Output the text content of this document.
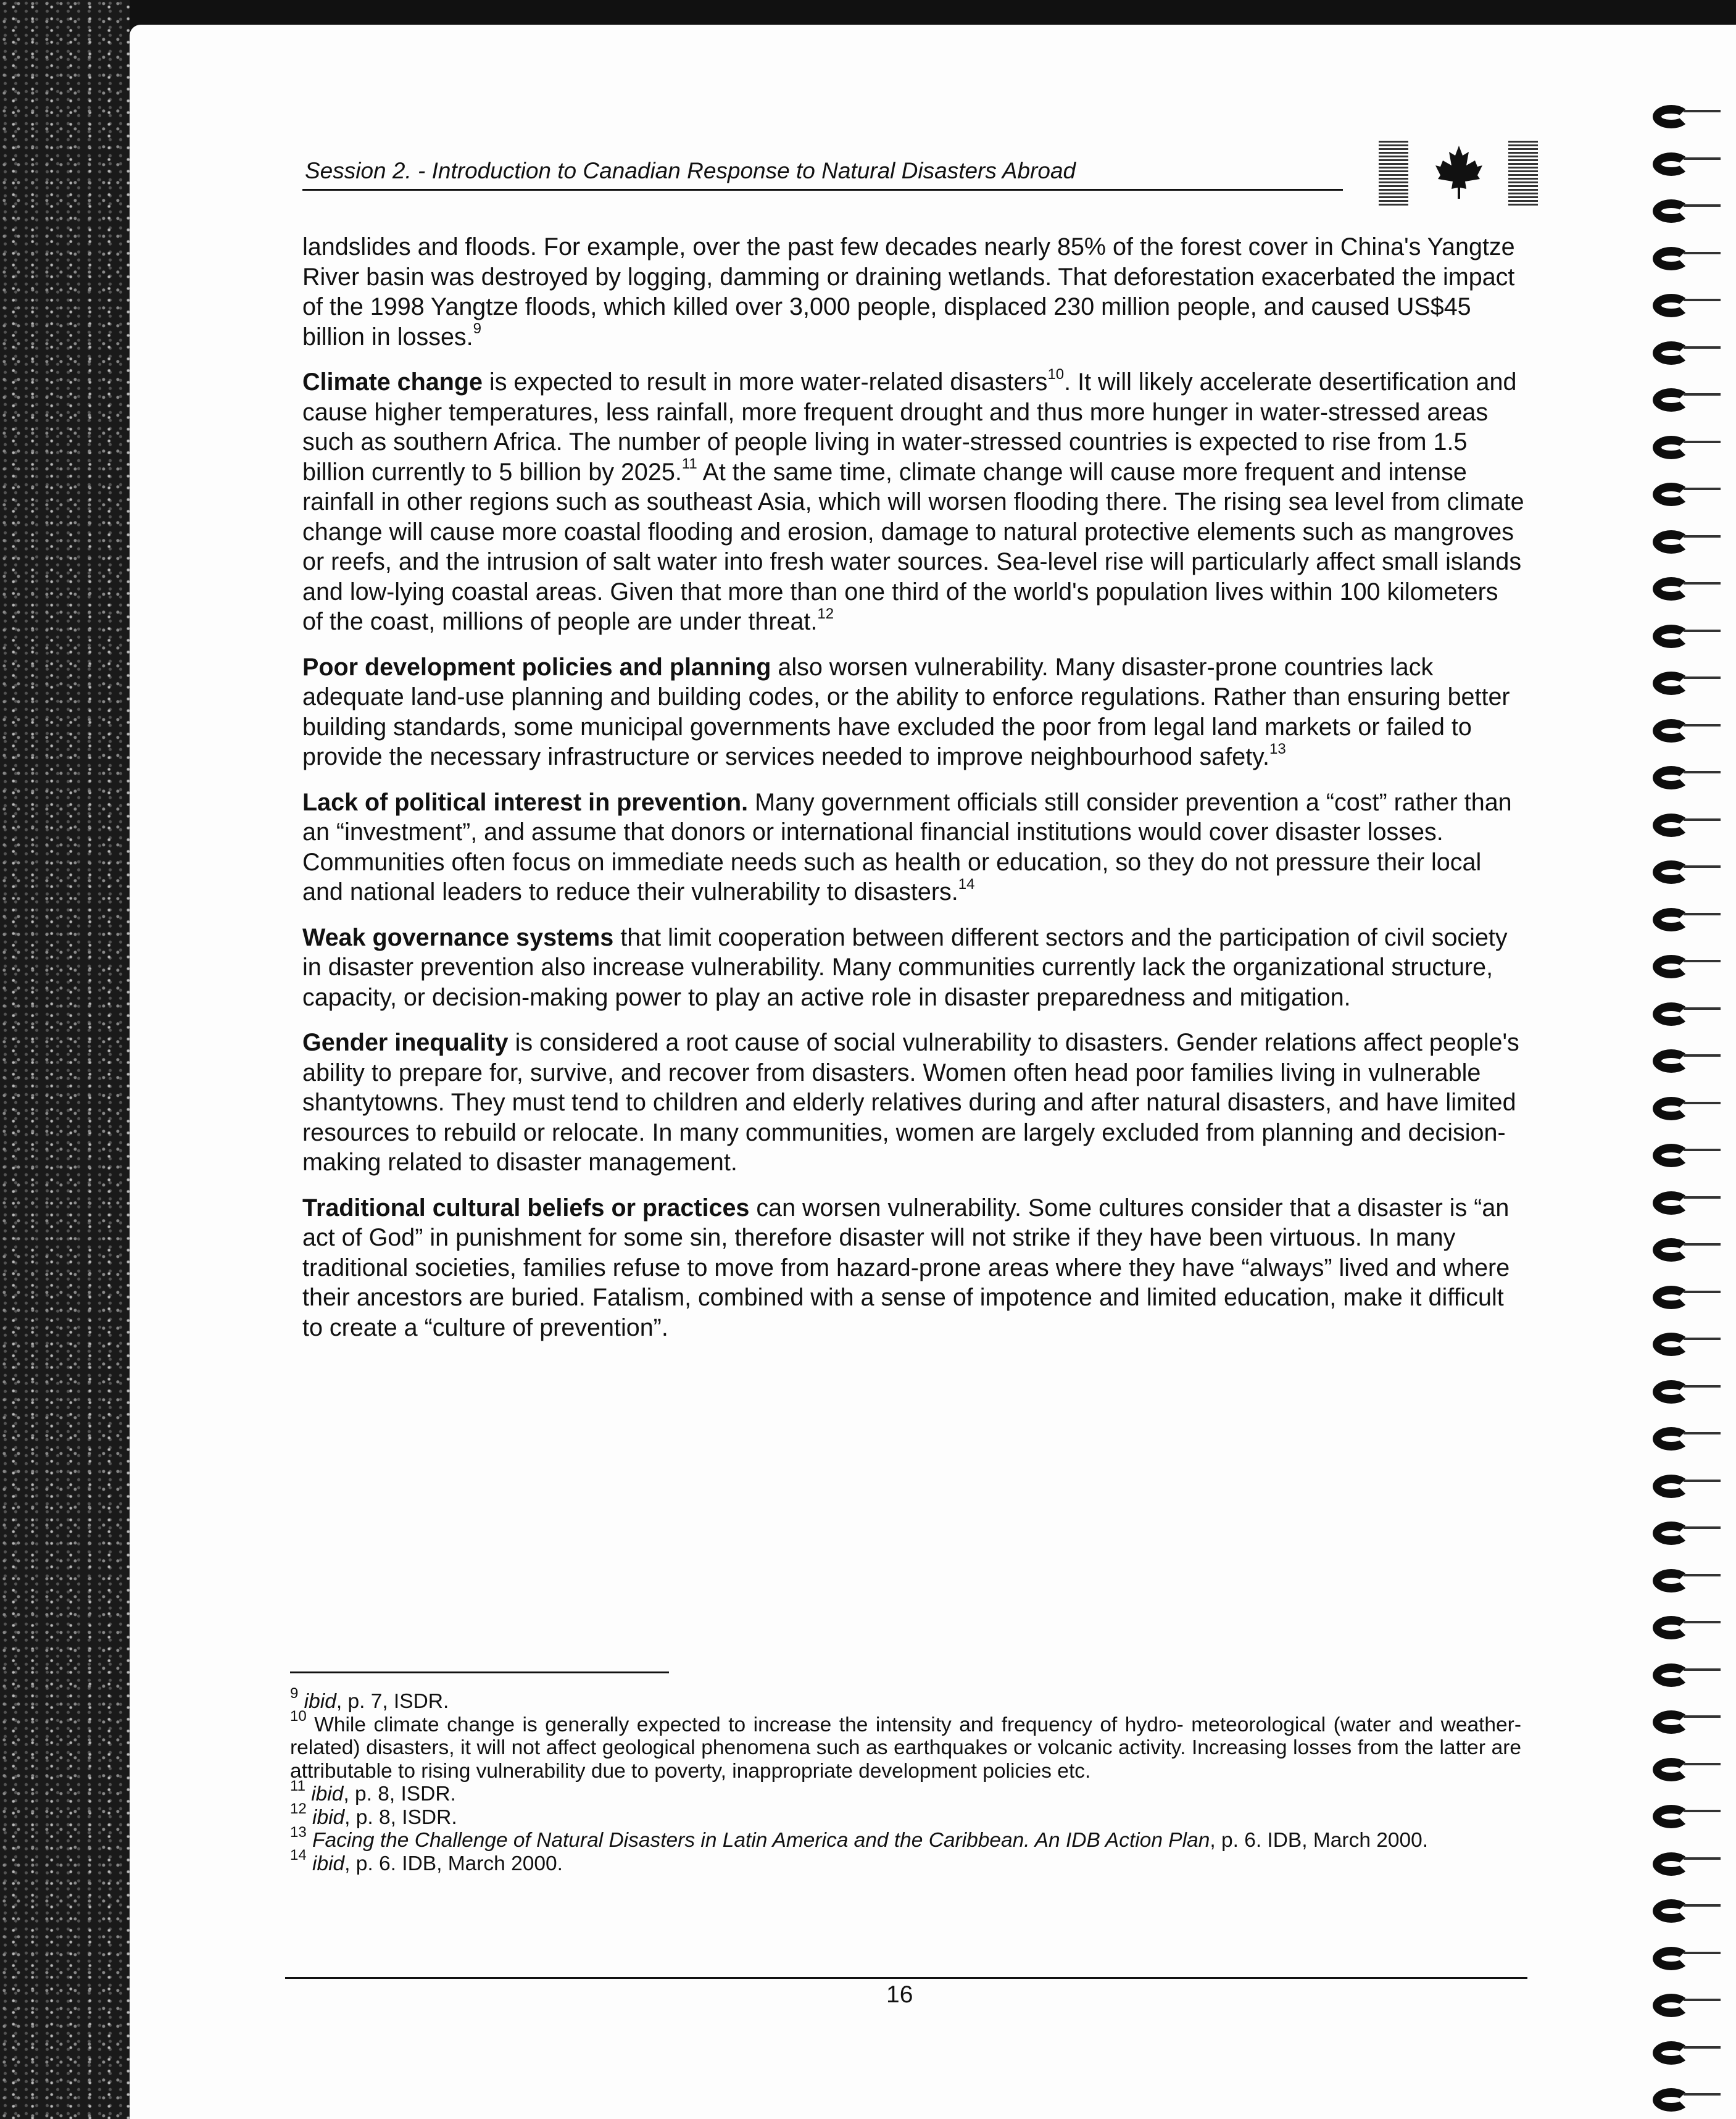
Session 2. - Introduction to Canadian Response to Natural Disasters Abroad

landslides and floods. For example, over the past few decades nearly 85% of the forest cover in China's Yangtze River basin was destroyed by logging, damming or draining wetlands. That deforestation exacerbated the impact of the 1998 Yangtze floods, which killed over 3,000 people, displaced 230 million people, and caused US$45 billion in losses.$^9$

Climate change is expected to result in more water-related disasters$^{10}$. It will likely accelerate desertification and cause higher temperatures, less rainfall, more frequent drought and thus more hunger in water-stressed areas such as southern Africa. The number of people living in water-stressed countries is expected to rise from 1.5 billion currently to 5 billion by 2025.11 At the same time, climate change will cause more frequent and intense rainfall in other regions such as southeast Asia, which will worsen flooding there. The rising sea level from climate change will cause more coastal flooding and erosion, damage to natural protective elements such as mangroves or reefs, and the intrusion of salt water into fresh water sources. Sea-level rise will particularly affect small islands and low-lying coastal areas. Given that more than one third of the world's population lives within 100 kilometers of the coast, millions of people are under threat.$^{12}$

Poor development policies and planning also worsen vulnerability. Many disaster-prone countries lack adequate land-use planning and building codes, or the ability to enforce regulations. Rather than ensuring better building standards, some municipal governments have excluded the poor from legal land markets or failed to provide the necessary infrastructure or services needed to improve neighbourhood safety.$^{13}$

Lack of political interest in prevention. Many government officials still consider prevention a “cost” rather than an “investment”, and assume that donors or international financial institutions would cover disaster losses. Communities often focus on immediate needs such as health or education, so they do not pressure their local and national leaders to reduce their vulnerability to disasters.$^{14}$

Weak governance systems that limit cooperation between different sectors and the participation of civil society in disaster prevention also increase vulnerability. Many communities currently lack the organizational structure, capacity, or decision-making power to play an active role in disaster preparedness and mitigation.

Gender inequality is considered a root cause of social vulnerability to disasters. Gender relations affect people's ability to prepare for, survive, and recover from disasters. Women often head poor families living in vulnerable shantytowns. They must tend to children and elderly relatives during and after natural disasters, and have limited resources to rebuild or relocate. In many communities, women are largely excluded from planning and decision-making related to disaster management.

Traditional cultural beliefs or practices can worsen vulnerability. Some cultures consider that a disaster is “an act of God” in punishment for some sin, therefore disaster will not strike if they have been virtuous. In many traditional societies, families refuse to move from hazard-prone areas where they have “always” lived and where their ancestors are buried. Fatalism, combined with a sense of impotence and limited education, make it difficult to create a “culture of prevention”.

$^9$ ibid, p. 7, ISDR.

$^{10}$ While climate change is generally expected to increase the intensity and frequency of hydro- meteorological (water and weather-related) disasters, it will not affect geological phenomena such as earthquakes or volcanic activity. Increasing losses from the latter are attributable to rising vulnerability due to poverty, inappropriate development policies etc.

$^{11}$ ibid, p. 8, ISDR.

$^{12}$ ibid, p. 8, ISDR.

$^{13}$ Facing the Challenge of Natural Disasters in Latin America and the Caribbean. An IDB Action Plan, p. 6. IDB, March 2000.

$^{14}$ ibid, p. 6. IDB, March 2000.

16
